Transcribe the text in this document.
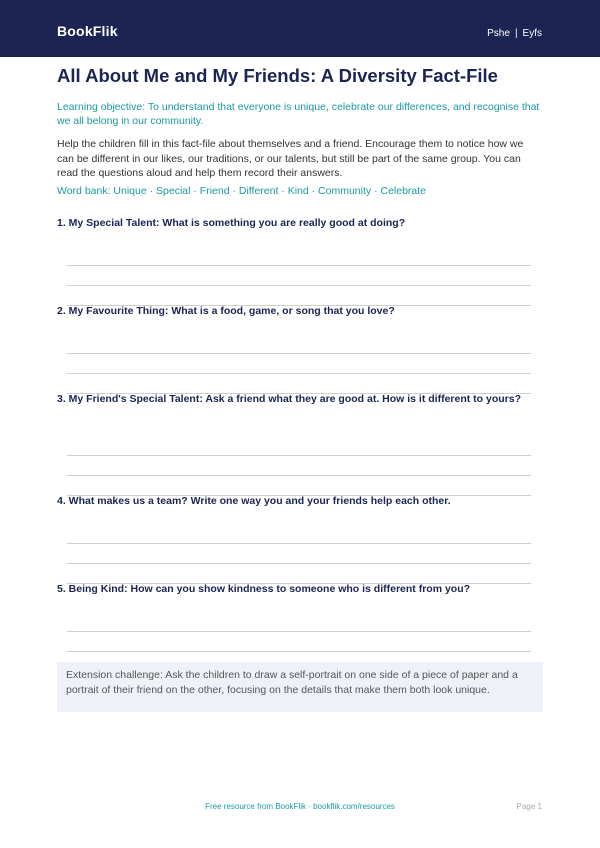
BookFlik	Pshe | Eyfs
All About Me and My Friends: A Diversity Fact-File

Learning objective: To understand that everyone is unique, celebrate our differences, and recognise that we all belong in our community.

Help the children fill in this fact-file about themselves and a friend. Encourage them to notice how we can be different in our likes, our traditions, or our talents, but still be part of the same group. You can read the questions aloud and help them record their answers.

Word bank: Unique · Special · Friend · Different · Kind · Community · Celebrate

1. My Special Talent: What is something you are really good at doing?

2. My Favourite Thing: What is a food, game, or song that you love?

3. My Friend's Special Talent: Ask a friend what they are good at. How is it different to yours?

4. What makes us a team? Write one way you and your friends help each other.

5. Being Kind: How can you show kindness to someone who is different from you?

Extension challenge: Ask the children to draw a self-portrait on one side of a piece of paper and a portrait of their friend on the other, focusing on the details that make them both look unique.
Free resource from BookFlik · bookflik.com/resources	Page 1
